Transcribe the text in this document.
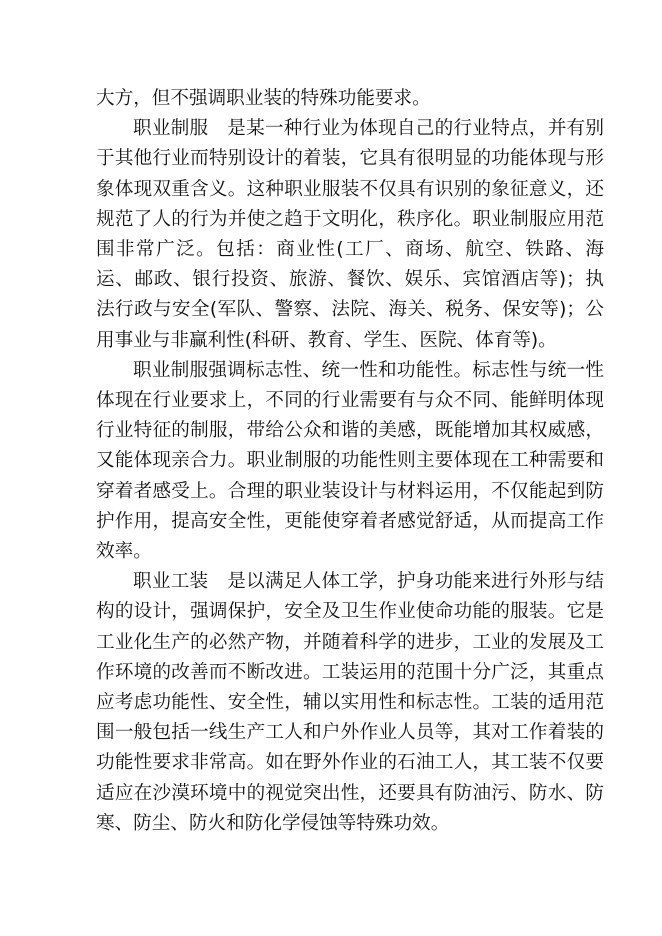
大方，但不强调职业装的特殊功能要求。

职业制服　是某一种行业为体现自己的行业特点，并有别于其他行业而特别设计的着装，它具有很明显的功能体现与形象体现双重含义。这种职业服装不仅具有识别的象征意义，还规范了人的行为并使之趋于文明化，秩序化。职业制服应用范围非常广泛。包括：商业性(工厂、商场、航空、铁路、海运、邮政、银行投资、旅游、餐饮、娱乐、宾馆酒店等)；执法行政与安全(军队、警察、法院、海关、税务、保安等)；公用事业与非赢利性(科研、教育、学生、医院、体育等)。

职业制服强调标志性、统一性和功能性。标志性与统一性体现在行业要求上，不同的行业需要有与众不同、能鲜明体现行业特征的制服，带给公众和谐的美感，既能增加其权威感，又能体现亲合力。职业制服的功能性则主要体现在工种需要和穿着者感受上。合理的职业装设计与材料运用，不仅能起到防护作用，提高安全性，更能使穿着者感觉舒适，从而提高工作效率。

职业工装　是以满足人体工学，护身功能来进行外形与结构的设计，强调保护，安全及卫生作业使命功能的服装。它是工业化生产的必然产物，并随着科学的进步，工业的发展及工作环境的改善而不断改进。工装运用的范围十分广泛，其重点应考虑功能性、安全性，辅以实用性和标志性。工装的适用范围一般包括一线生产工人和户外作业人员等，其对工作着装的功能性要求非常高。如在野外作业的石油工人，其工装不仅要适应在沙漠环境中的视觉突出性，还要具有防油污、防水、防寒、防尘、防火和防化学侵蚀等特殊功效。
